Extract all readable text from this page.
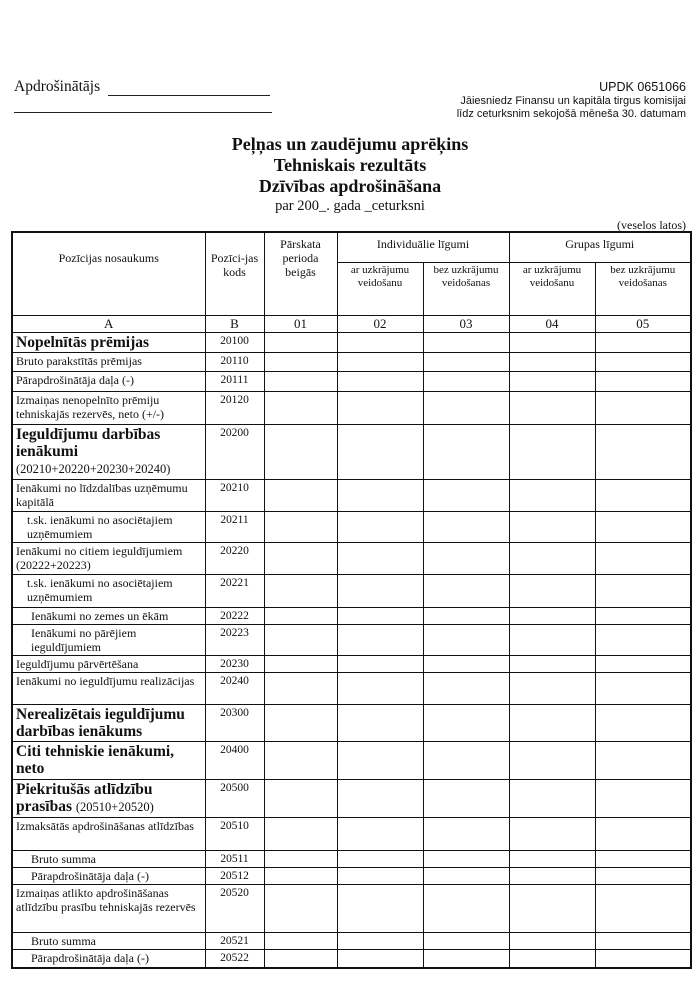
Apdrošinātājs	UPDK 0651066
Jāiesniedz Finansu un kapitāla tirgus komisijai
līdz ceturksnim sekojošā mēneša 30. datumam
Peļņas un zaudējumu aprēķins
Tehniskais rezultāts
Dzīvības apdrošināšana
par 200_. gada _ceturksni
(veselos latos)
Pozīcijas nosaukums	Pozīci-jas kods	Pārskata perioda beigās	Individuālie līgumi		Grupas līgumi	
			ar uzkrājumu veidošanu	bez uzkrājumu veidošanas	ar uzkrājumu veidošanu	bez uzkrājumu veidošanas
A	B	01	02	03	04	05
Nopelnītās prēmijas	20100					
Bruto parakstītās prēmijas	20110					
Pārapdrošinātāja daļa (-)	20111					
Izmaiņas nenopelnīto prēmiju tehniskajās rezervēs, neto (+/-)	20120					
Ieguldījumu darbības ienākumi (20210+20220+20230+20240)	20200					
Ienākumi no līdzdalības uzņēmumu kapitālā	20210					
t.sk. ienākumi no asociētajiem uzņēmumiem	20211					
Ienākumi no citiem ieguldījumiem (20222+20223)	20220					
t.sk. ienākumi no asociētajiem uzņēmumiem	20221					
Ienākumi no zemes un ēkām	20222					
Ienākumi no pārējiem ieguldījumiem	20223					
Ieguldījumu pārvērtēšana	20230					
Ienākumi no ieguldījumu realizācijas	20240					
Nerealizētais ieguldījumu darbības ienākums	20300					
Citi tehniskie ienākumi, neto	20400					
Piekritušās atlīdzību prasības (20510+20520)	20500					
Izmaksātās apdrošināšanas atlīdzības	20510					
Bruto summa	20511					
Pārapdrošinātāja daļa (-)	20512					
Izmaiņas atlikto apdrošināšanas atlīdzību prasību tehniskajās rezervēs	20520					
Bruto summa	20521					
Pārapdrošinātāja daļa (-)	20522					
